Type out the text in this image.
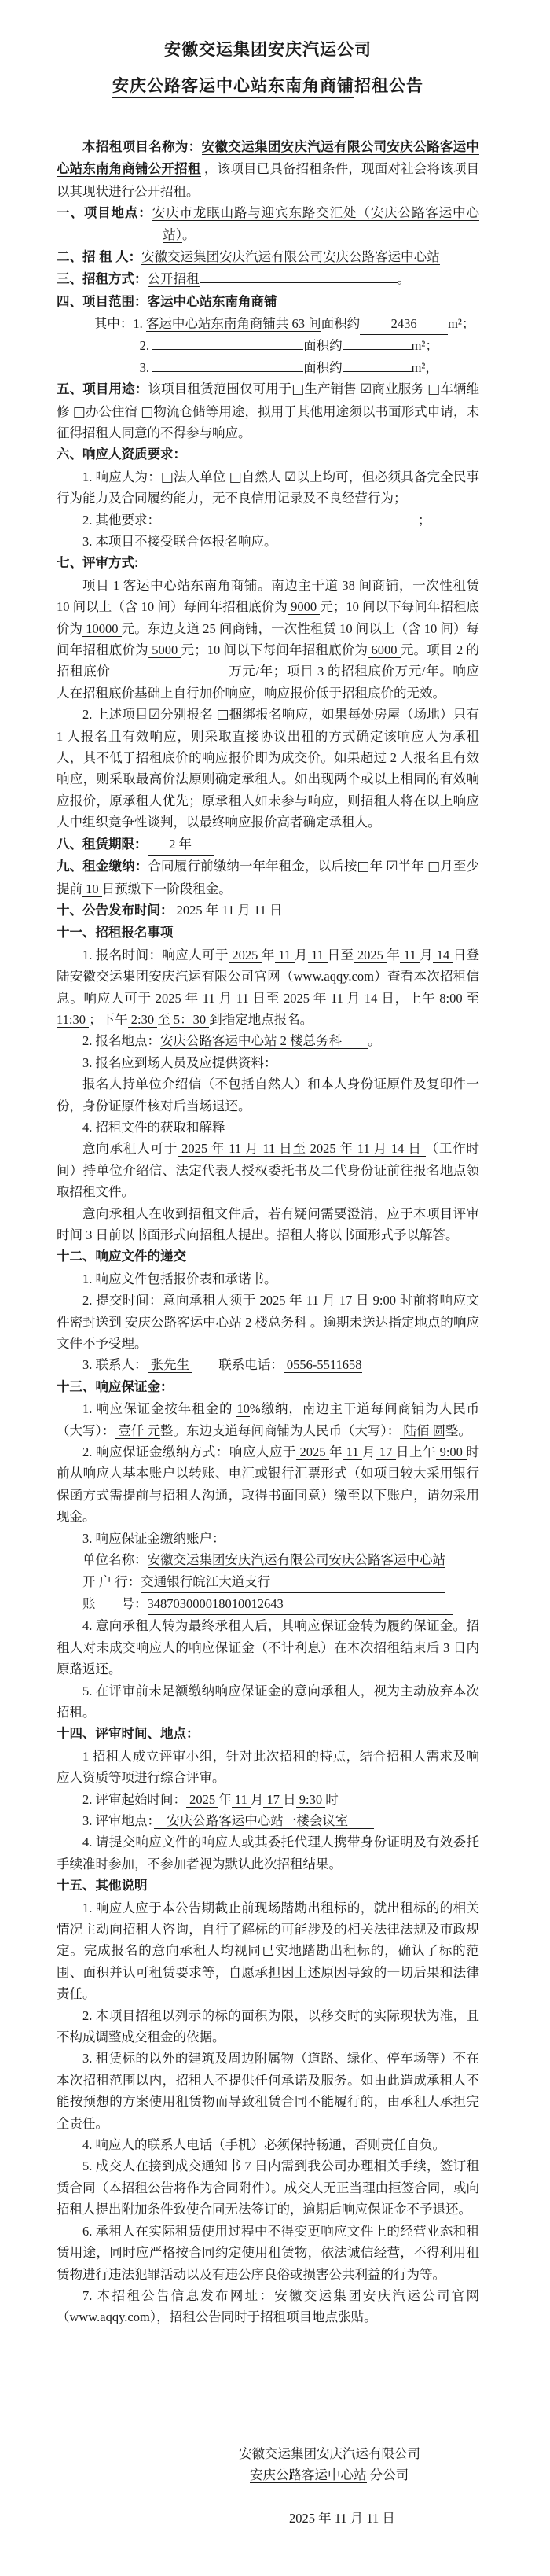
安徽交运集团安庆汽运公司
安庆公路客运中心站东南角商铺招租公告

本招租项目名称为：安徽交运集团安庆汽运有限公司安庆公路客运中心站东南角商铺公开招租 ，该项目已具备招租条件，现面对社会将该项目以其现状进行公开招租。

一、项目地点：安庆市龙眠山路与迎宾东路交汇处（安庆公路客运中心站）。

二、招 租 人：安徽交运集团安庆汽运有限公司安庆公路客运中心站

三、招租方式：公开招租	。

四、项目范围：客运中心站东南角商铺

其中：1. 客运中心站东南角商铺共 63 间面积约 2436 m²；

2.	面积约	m²；

3.	面积约	m²，

五、项目用途：该项目租赁范围仅可用于□生产销售 ☑商业服务 □车辆维修 □办公住宿 □物流仓储等用途，拟用于其他用途须以书面形式申请，未征得招租人同意的不得参与响应。

六、响应人资质要求：

1. 响应人为：□法人单位 □自然人 ☑以上均可，但必须具备完全民事行为能力及合同履约能力，无不良信用记录及不良经营行为；

2. 其他要求：	；

3. 本项目不接受联合体报名响应。

七、评审方式:

项目 1 客运中心站东南角商铺。南边主干道 38 间商铺，一次性租赁 10 间以上（含 10 间）每间年招租底价为 9000 元；10 间以下每间年招租底价为 10000 元。东边支道 25 间商铺，一次性租赁 10 间以上（含 10 间）每间年招租底价为 5000 元；10 间以下每间年招租底价为 6000 元。项目 2 的招租底价	万元/年；项目 3 的招租底价万元/年。响应人在招租底价基础上自行加价响应，响应报价低于招租底价的无效。

2. 上述项目☑分别报名 □捆绑报名响应，如果每处房屋（场地）只有 1 人报名且有效响应，则采取直接协议出租的方式确定该响应人为承租人，其不低于招租底价的响应报价即为成交价。如果超过 2 人报名且有效响应，则采取最高价法原则确定承租人。如出现两个或以上相同的有效响应报价，原承租人优先；原承租人如未参与响应，则招租人将在以上响应人中组织竞争性谈判，以最终响应报价高者确定承租人。

八、租赁期限： 2 年

九、租金缴纳：合同履行前缴纳一年年租金，以后按□年 ☑半年 □月至少提前 10 日预缴下一阶段租金。

十、公告发布时间： 2025 年 11 月 11 日

十一、招租报名事项

1. 报名时间：响应人可于 2025 年 11 月 11 日至 2025 年 11 月 14 日登陆安徽交运集团安庆汽运有限公司官网（www.aqqy.com）查看本次招租信息。响应人可于 2025 年 11 月 11 日至 2025 年 11 月 14 日，上午 8:00 至 11:30 ；下午 2:30 至 5：30 到指定地点报名。

2. 报名地点：安庆公路客运中心站 2 楼总务科　　。

3. 报名应到场人员及应提供资料：

报名人持单位介绍信（不包括自然人）和本人身份证原件及复印件一份，身份证原件核对后当场退还。

4. 招租文件的获取和解释

意向承租人可于 2025 年 11 月 11 日至 2025 年 11 月 14 日 （工作时间）持单位介绍信、法定代表人授权委托书及二代身份证前往报名地点领取招租文件。

意向承租人在收到招租文件后，若有疑问需要澄清，应于本项目评审时间 3 日前以书面形式向招租人提出。招租人将以书面形式予以解答。

十二、响应文件的递交

1. 响应文件包括报价表和承诺书。

2. 提交时间：意向承租人须于 2025 年 11 月 17 日 9:00 时前将响应文件密封送到 安庆公路客运中心站 2 楼总务科 。逾期未送达指定地点的响应文件不予受理。

3. 联系人： 张先生 　　联系电话： 0556-5511658

十三、响应保证金：

1. 响应保证金按年租金的 10%缴纳，南边主干道每间商铺为人民币（大写）： 壹仟 元整。东边支道每间商铺为人民币（大写）： 陆佰 圆整。

2. 响应保证金缴纳方式：响应人应于 2025 年 11 月 17 日上午 9:00 时前从响应人基本账户以转账、电汇或银行汇票形式（如项目较大采用银行保函方式需提前与招租人沟通，取得书面同意）缴至以下账户，请勿采用现金。

3. 响应保证金缴纳账户：

单位名称：安徽交运集团安庆汽运有限公司安庆公路客运中心站

开 户 行：交通银行皖江大道支行

账　　号：348703000018010012643

4. 意向承租人转为最终承租人后，其响应保证金转为履约保证金。招租人对未成交响应人的响应保证金（不计利息）在本次招租结束后 3 日内原路返还。

5. 在评审前未足额缴纳响应保证金的意向承租人，视为主动放弃本次招租。

十四、评审时间、地点：

1 招租人成立评审小组，针对此次招租的特点，结合招租人需求及响应人资质等项进行综合评审。

2. 评审起始时间： 2025 年 11 月 17 日 9:30 时

3. 评审地点：　安庆公路客运中心站一楼会议室　　

4. 请提交响应文件的响应人或其委托代理人携带身份证明及有效委托手续准时参加，不参加者视为默认此次招租结果。

十五、其他说明

1. 响应人应于本公告期截止前现场踏勘出租标的，就出租标的的相关情况主动向招租人咨询，自行了解标的可能涉及的相关法律法规及市政规定。完成报名的意向承租人均视同已实地踏勘出租标的，确认了标的范围、面积并认可租赁要求等，自愿承担因上述原因导致的一切后果和法律责任。

2. 本项目招租以列示的标的面积为限，以移交时的实际现状为准，且不构成调整成交租金的依据。

3. 租赁标的以外的建筑及周边附属物（道路、绿化、停车场等）不在本次招租范围以内，招租人不提供任何承诺及服务。如由此造成承租人不能按预想的方案使用租赁物而导致租赁合同不能履行的，由承租人承担完全责任。

4. 响应人的联系人电话（手机）必须保持畅通，否则责任自负。

5. 成交人在接到成交通知书 7 日内需到我公司办理相关手续，签订租赁合同（本招租公告将作为合同附件）。成交人无正当理由拒签合同，或向招租人提出附加条件致使合同无法签订的，逾期后响应保证金不予退还。

6. 承租人在实际租赁使用过程中不得变更响应文件上的经营业态和租赁用途，同时应严格按合同约定使用租赁物，依法诚信经营，不得利用租赁物进行违法犯罪活动以及有违公序良俗或损害公共利益的行为等。

7. 本招租公告信息发布网址：安徽交运集团安庆汽运公司官网（www.aqqy.com），招租公告同时于招租项目地点张贴。

安徽交运集团安庆汽运有限公司

安庆公路客运中心站 分公司

2025 年 11 月 11 日
